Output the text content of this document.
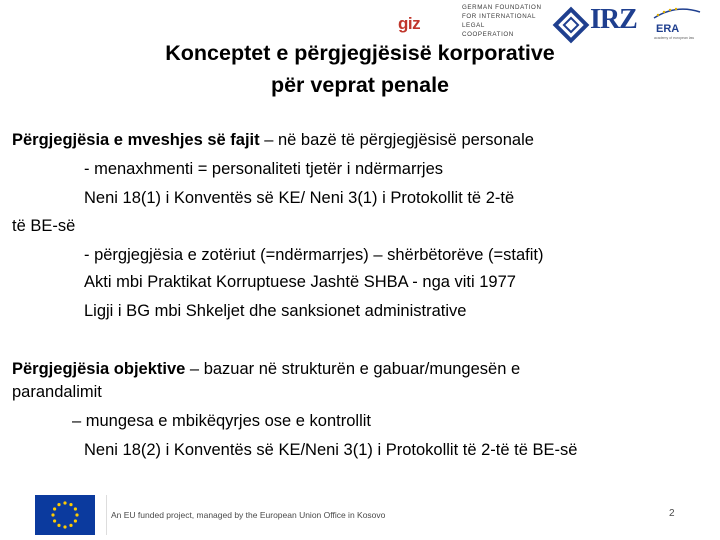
giz
GERMAN FOUNDATION
FOR INTERNATIONAL LEGAL
COOPERATION	IRZ ERA
academy of european law
Konceptet e përgjegjësisë korporative
për veprat penale
Përgjegjësia e mveshjes së fajit – në bazë të përgjegjësisë personale
- menaxhmenti = personaliteti tjetër i ndërmarrjes
Neni 18(1) i Konventës së KE/ Neni 3(1) i Protokollit të 2-të
të BE-së
- përgjegjësia e zotëriut (=ndërmarrjes) – shërbëtorëve (=stafit)
Akti mbi Praktikat Korruptuese Jashtë SHBA - nga viti 1977
Ligji i BG mbi Shkeljet dhe sanksionet administrative
Përgjegjësia objektive – bazuar në strukturën e gabuar/mungesën e
parandalimit
– mungesa e mbikëqyrjes ose e kontrollit
Neni 18(2) i Konventës së KE/Neni 3(1) i Protokollit të 2-të të BE-së
An EU funded project, managed by the European Union Office in Kosovo	2
